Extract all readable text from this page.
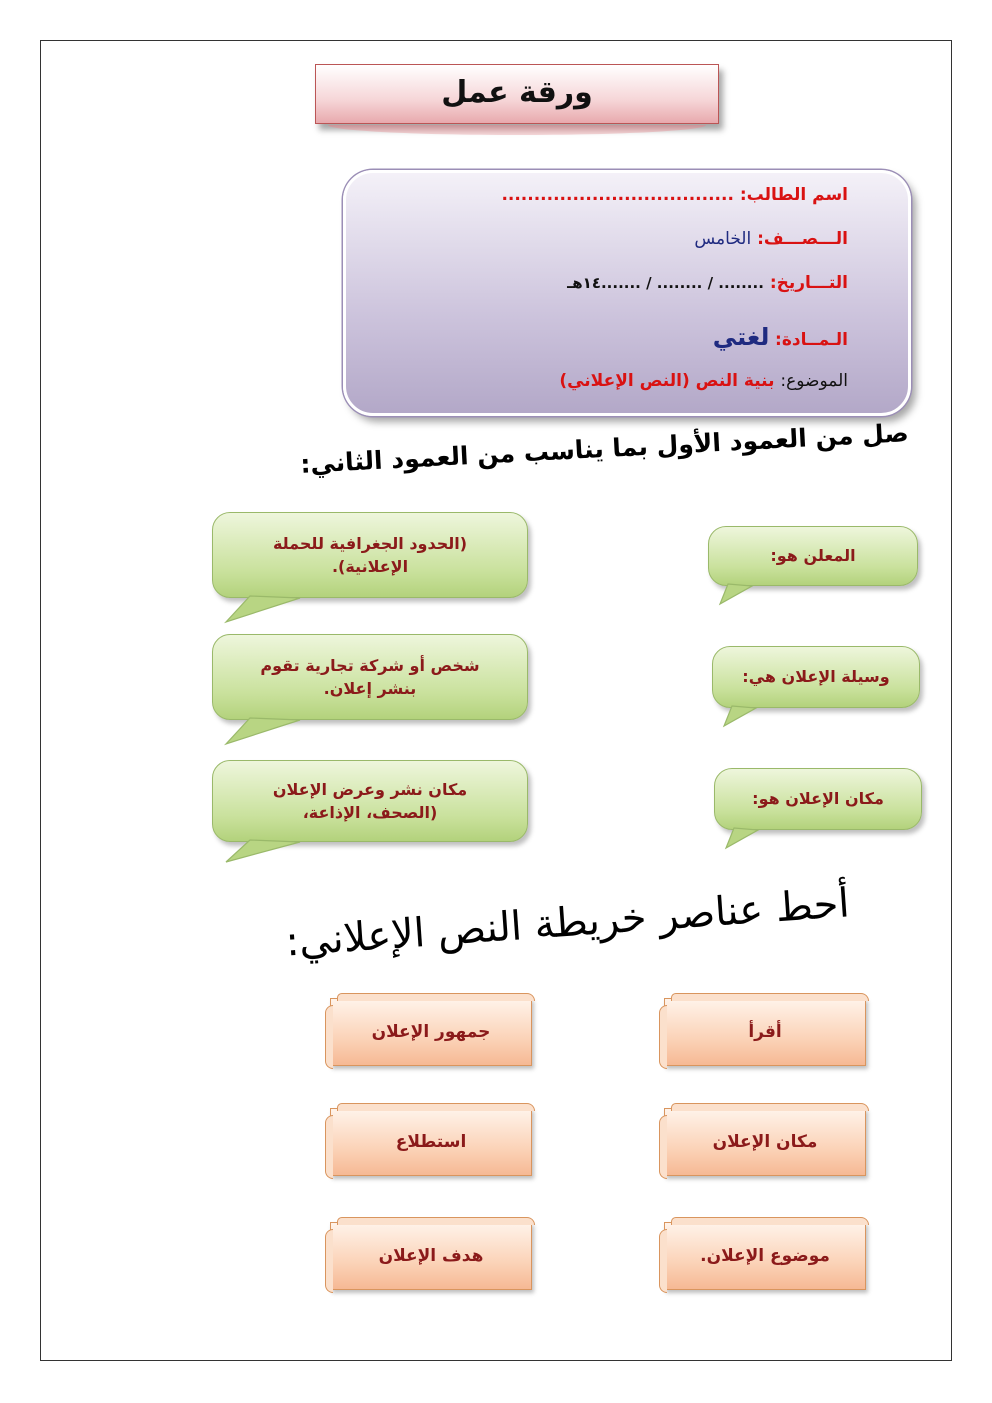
ورقة عمل
اسم الطالب: ....................................
الـــصـــف: الخامس
التـــاريخ: ........ / ........ / .......١٤هـ
الـمــادة: لغتي
الموضوع: بنية النص (النص الإعلاني)
صل من العمود الأول بما يناسب من العمود الثاني:
المعلن هو:
وسيلة الإعلان هي:
مكان الإعلان هو:
(الحدود الجغرافية للحملة الإعلانية).
شخص أو شركة تجارية تقوم بنشر إعلان.
مكان نشر وعرض الإعلان (الصحف، الإذاعة،
أحط عناصر خريطة النص الإعلاني:
أقرأ
مكان الإعلان
موضوع الإعلان.
جمهور الإعلان
استطلاع
هدف الإعلان
